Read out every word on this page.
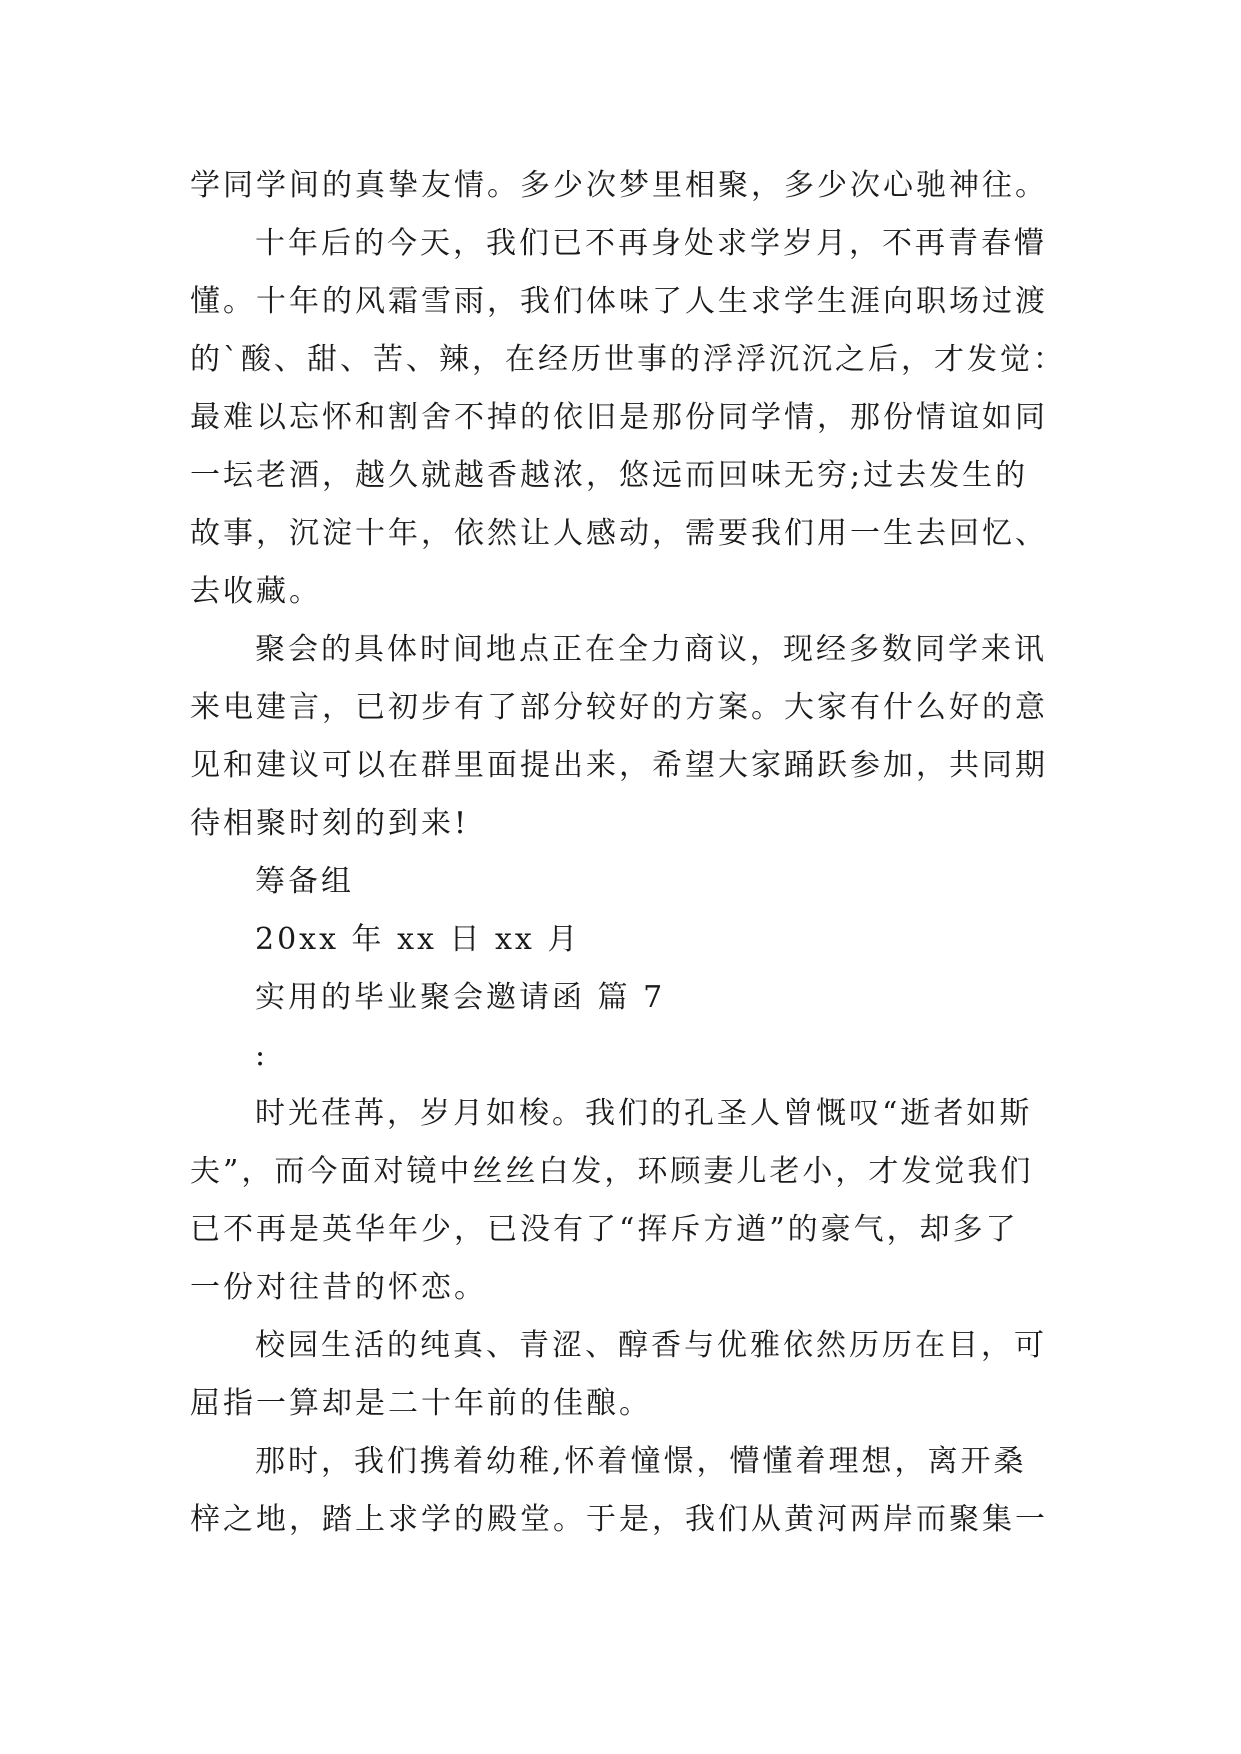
学同学间的真挚友情。多少次梦里相聚，多少次心驰神往。
十年后的今天，我们已不再身处求学岁月，不再青春懵
懂。十年的风霜雪雨，我们体味了人生求学生涯向职场过渡
的`酸、甜、苦、辣，在经历世事的浮浮沉沉之后，才发觉：
最难以忘怀和割舍不掉的依旧是那份同学情，那份情谊如同
一坛老酒，越久就越香越浓，悠远而回味无穷;过去发生的
故事，沉淀十年，依然让人感动，需要我们用一生去回忆、
去收藏。
聚会的具体时间地点正在全力商议，现经多数同学来讯
来电建言，已初步有了部分较好的方案。大家有什么好的意
见和建议可以在群里面提出来，希望大家踊跃参加，共同期
待相聚时刻的到来!
筹备组
20xx 年 xx 日 xx 月
实用的毕业聚会邀请函 篇 7
:
时光荏苒，岁月如梭。我们的孔圣人曾慨叹“逝者如斯
夫”，而今面对镜中丝丝白发，环顾妻儿老小，才发觉我们
已不再是英华年少，已没有了“挥斥方遒”的豪气，却多了
一份对往昔的怀恋。
校园生活的纯真、青涩、醇香与优雅依然历历在目，可
屈指一算却是二十年前的佳酿。
那时，我们携着幼稚,怀着憧憬，懵懂着理想，离开桑
梓之地，踏上求学的殿堂。于是，我们从黄河两岸而聚集一
